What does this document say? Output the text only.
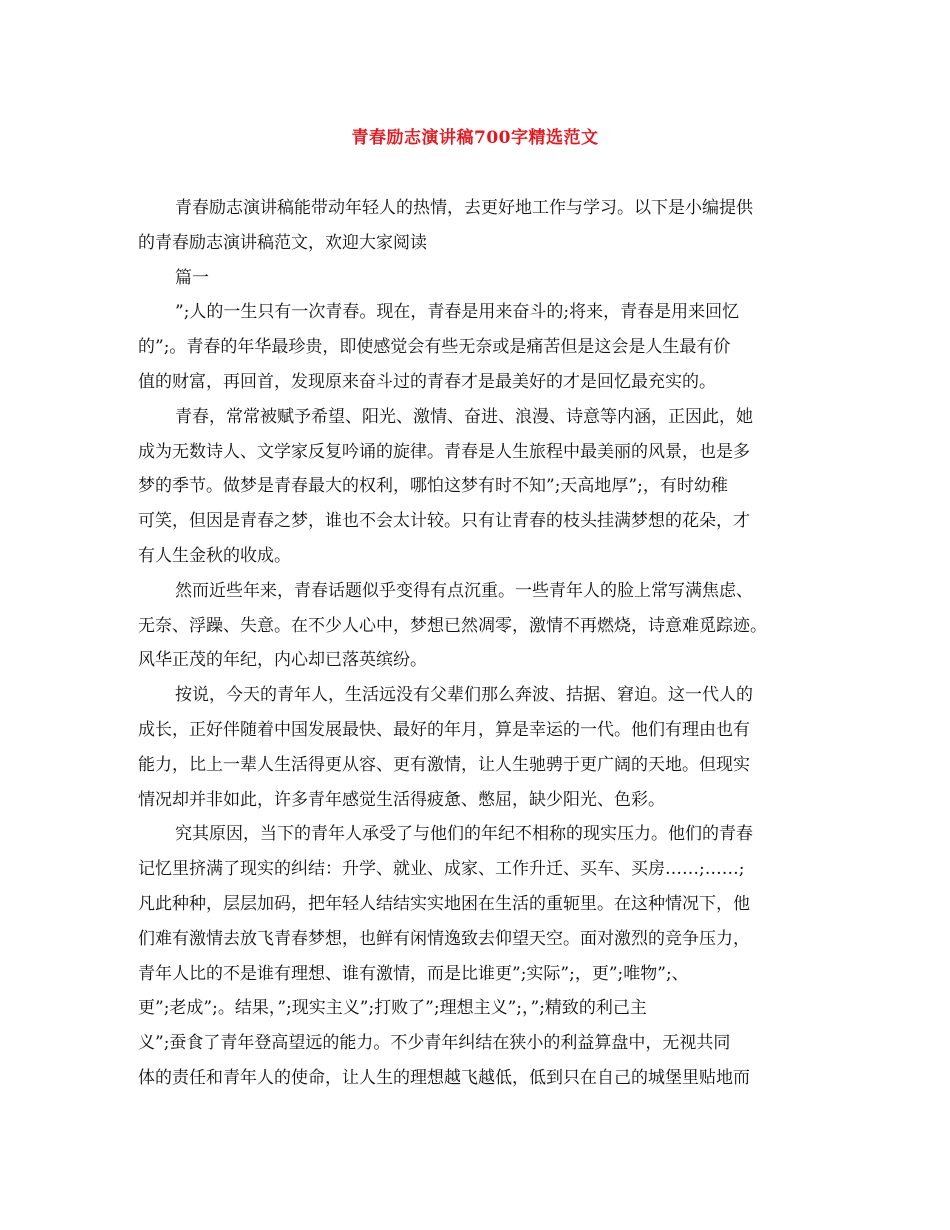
青春励志演讲稿700字精选范文
青春励志演讲稿能带动年轻人的热情，去更好地工作与学习。以下是小编提供
的青春励志演讲稿范文，欢迎大家阅读
篇一
”;人的一生只有一次青春。现在，青春是用来奋斗的;将来，青春是用来回忆
的”;。青春的年华最珍贵，即使感觉会有些无奈或是痛苦但是这会是人生最有价
值的财富，再回首，发现原来奋斗过的青春才是最美好的才是回忆最充实的。
青春，常常被赋予希望、阳光、激情、奋进、浪漫、诗意等内涵，正因此，她
成为无数诗人、文学家反复吟诵的旋律。青春是人生旅程中最美丽的风景，也是多
梦的季节。做梦是青春最大的权利，哪怕这梦有时不知”;天高地厚”;，有时幼稚
可笑，但因是青春之梦，谁也不会太计较。只有让青春的枝头挂满梦想的花朵，才
有人生金秋的收成。
然而近些年来，青春话题似乎变得有点沉重。一些青年人的脸上常写满焦虑、
无奈、浮躁、失意。在不少人心中，梦想已然凋零，激情不再燃烧，诗意难觅踪迹。
风华正茂的年纪，内心却已落英缤纷。
按说，今天的青年人，生活远没有父辈们那么奔波、拮据、窘迫。这一代人的
成长，正好伴随着中国发展最快、最好的年月，算是幸运的一代。他们有理由也有
能力，比上一辈人生活得更从容、更有激情，让人生驰骋于更广阔的天地。但现实
情况却并非如此，许多青年感觉生活得疲惫、憋屈，缺少阳光、色彩。
究其原因，当下的青年人承受了与他们的年纪不相称的现实压力。他们的青春
记忆里挤满了现实的纠结：升学、就业、成家、工作升迁、买车、买房……;……;
凡此种种，层层加码，把年轻人结结实实地困在生活的重轭里。在这种情况下，他
们难有激情去放飞青春梦想，也鲜有闲情逸致去仰望天空。面对激烈的竞争压力，
青年人比的不是谁有理想、谁有激情，而是比谁更”;实际”;，更”;唯物”;、
更”;老成”;。结果，”;现实主义”;打败了”;理想主义”;，”;精致的利己主
义”;蚕食了青年登高望远的能力。不少青年纠结在狭小的利益算盘中，无视共同
体的责任和青年人的使命，让人生的理想越飞越低，低到只在自己的城堡里贴地而
